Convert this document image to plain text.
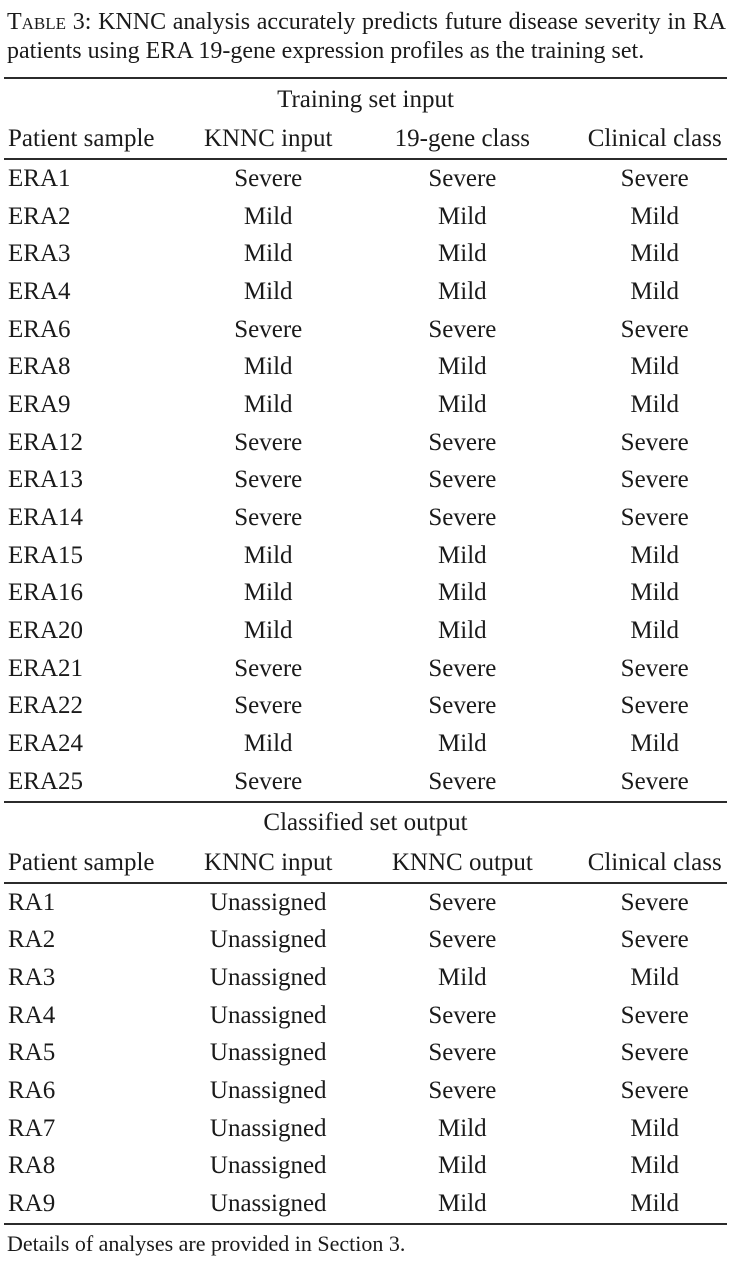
Table 3: KNNC analysis accurately predicts future disease severity in RA patients using ERA 19-gene expression profiles as the training set.

Training set input			
Patient sample	KNNC input	19-gene class	Clinical class
ERA1	Severe	Severe	Severe
ERA2	Mild	Mild	Mild
ERA3	Mild	Mild	Mild
ERA4	Mild	Mild	Mild
ERA6	Severe	Severe	Severe
ERA8	Mild	Mild	Mild
ERA9	Mild	Mild	Mild
ERA12	Severe	Severe	Severe
ERA13	Severe	Severe	Severe
ERA14	Severe	Severe	Severe
ERA15	Mild	Mild	Mild
ERA16	Mild	Mild	Mild
ERA20	Mild	Mild	Mild
ERA21	Severe	Severe	Severe
ERA22	Severe	Severe	Severe
ERA24	Mild	Mild	Mild
ERA25	Severe	Severe	Severe
Classified set output			
Patient sample	KNNC input	KNNC output	Clinical class
RA1	Unassigned	Severe	Severe
RA2	Unassigned	Severe	Severe
RA3	Unassigned	Mild	Mild
RA4	Unassigned	Severe	Severe
RA5	Unassigned	Severe	Severe
RA6	Unassigned	Severe	Severe
RA7	Unassigned	Mild	Mild
RA8	Unassigned	Mild	Mild
RA9	Unassigned	Mild	Mild

Details of analyses are provided in Section 3.
